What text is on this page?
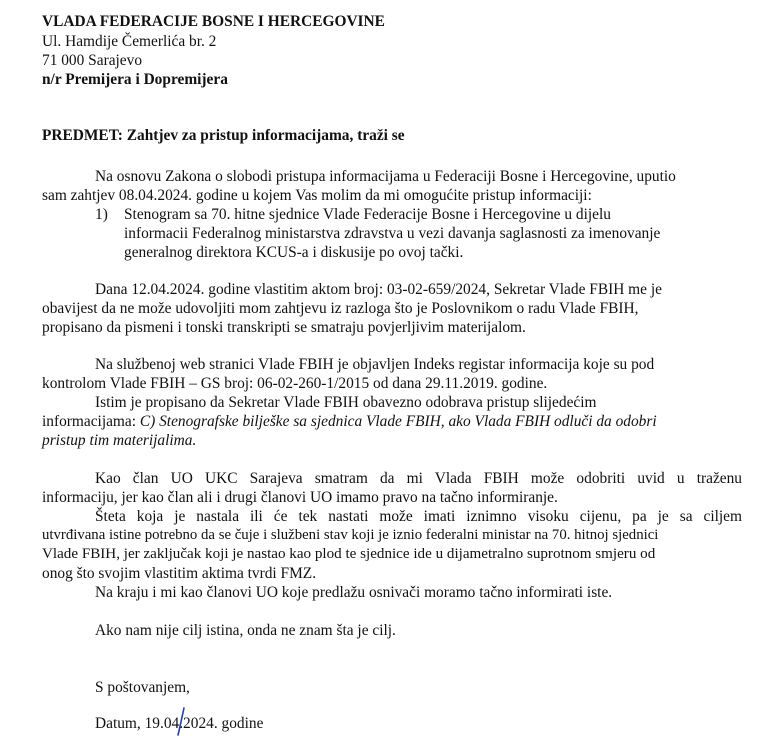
VLADA FEDERACIJE BOSNE I HERCEGOVINE
Ul. Hamdije Čemerlića br. 2
71 000 Sarajevo
n/r Premijera i Dopremijera
PREDMET: Zahtjev za pristup informacijama, traži se
Na osnovu Zakona o slobodi pristupa informacijama u Federaciji Bosne i Hercegovine, uputio
sam zahtjev 08.04.2024. godine u kojem Vas molim da mi omogućite pristup informaciji:
1) Stenogram sa 70. hitne sjednice Vlade Federacije Bosne i Hercegovine u dijelu
informacii Federalnog ministarstva zdravstva u vezi davanja saglasnosti za imenovanje
generalnog direktora KCUS-a i diskusije po ovoj tački.
Dana 12.04.2024. godine vlastitim aktom broj: 03-02-659/2024, Sekretar Vlade FBIH me je
obavijest da ne može udovoljiti mom zahtjevu iz razloga što je Poslovnikom o radu Vlade FBIH,
propisano da pismeni i tonski transkripti se smatraju povjerljivim materijalom.
Na službenoj web stranici Vlade FBIH je objavljen Indeks registar informacija koje su pod
kontrolom Vlade FBIH – GS broj: 06-02-260-1/2015 od dana 29.11.2019. godine.
Istim je propisano da Sekretar Vlade FBIH obavezno odobrava pristup slijedećim
informacijama: C) Stenografske bilješke sa sjednica Vlade FBIH, ako Vlada FBIH odluči da odobri
pristup tim materijalima.
Kao član UO UKC Sarajeva smatram da mi Vlada FBIH može odobriti uvid u traženu
informaciju, jer kao član ali i drugi članovi UO imamo pravo na tačno informiranje.
Šteta koja je nastala ili će tek nastati može imati iznimno visoku cijenu, pa je sa ciljem
utvrđivana istine potrebno da se čuje i službeni stav koji je iznio federalni ministar na 70. hitnoj sjednici
Vlade FBIH, jer zaključak koji je nastao kao plod te sjednice ide u dijametralno suprotnom smjeru od
onog što svojim vlastitim aktima tvrdi FMZ.
Na kraju i mi kao članovi UO koje predlažu osnivači moramo tačno informirati iste.
Ako nam nije cilj istina, onda ne znam šta je cilj.
S poštovanjem,
Datum, 19.04.2024. godine
